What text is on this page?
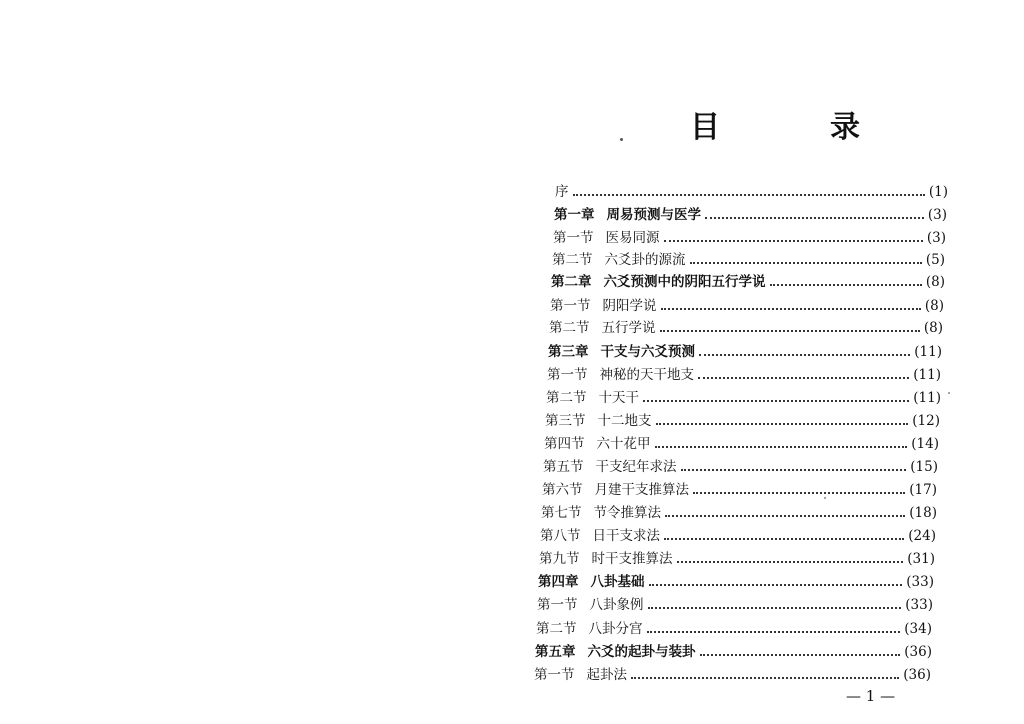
目　录
序	(1)
第一章 周易预测与医学	(3)
第一节 医易同源	(3)
第二节 六爻卦的源流	(5)
第二章 六爻预测中的阴阳五行学说	(8)
第一节 阴阳学说	(8)
第二节 五行学说	(8)
第三章 干支与六爻预测	(11)
第一节 神秘的天干地支	(11)
第二节 十天干	(11)
第三节 十二地支	(12)
第四节 六十花甲	(14)
第五节 干支纪年求法	(15)
第六节 月建干支推算法	(17)
第七节 节令推算法	(18)
第八节 日干支求法	(24)
第九节 时干支推算法	(31)
第四章 八卦基础	(33)
第一节 八卦象例	(33)
第二节 八卦分宫	(34)
第五章 六爻的起卦与装卦	(36)
第一节 起卦法	(36)
— 1 —
